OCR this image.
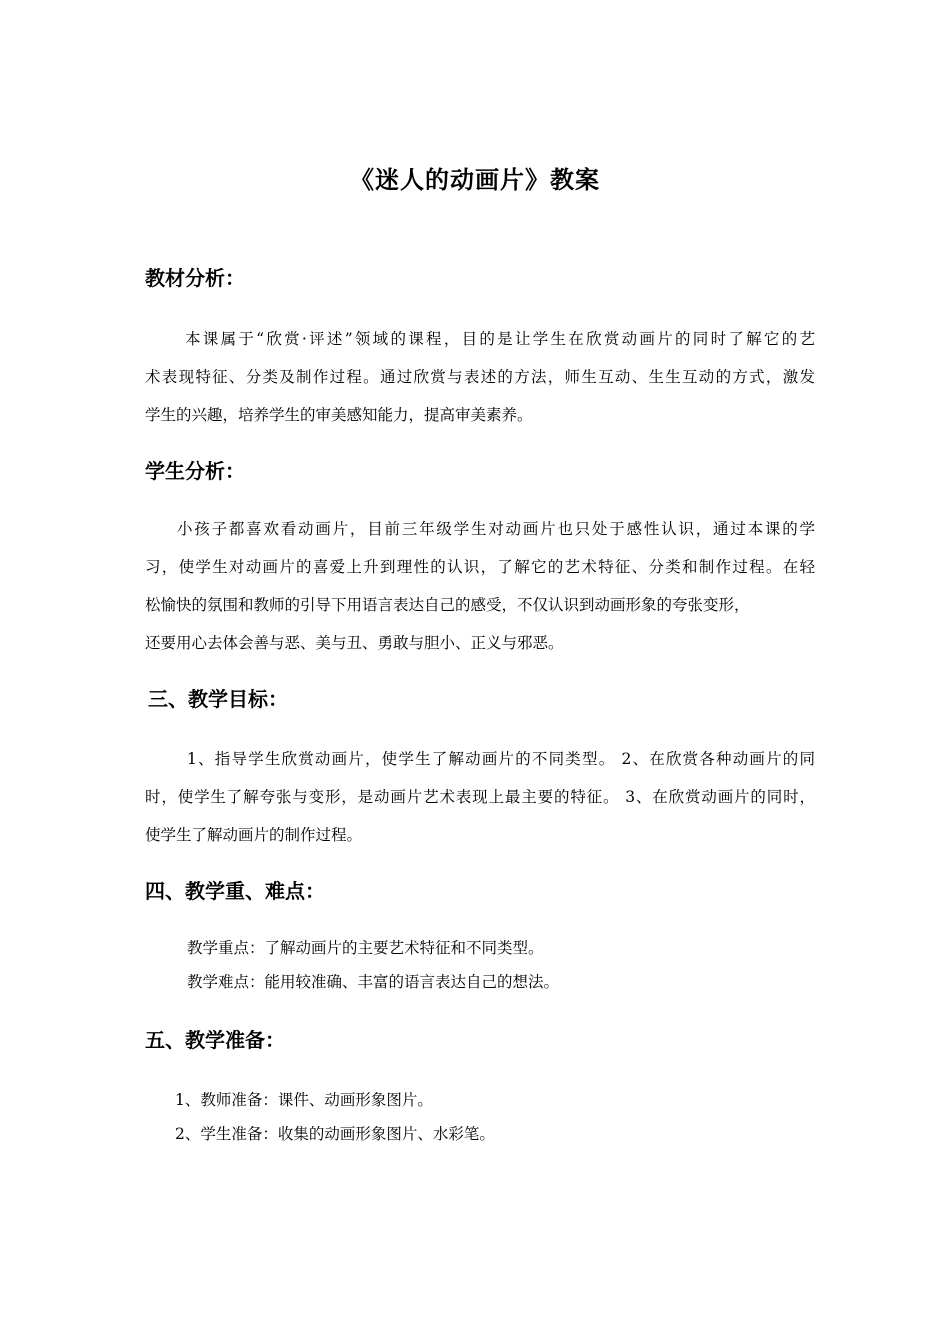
《迷人的动画片》教案
教材分析：
本课属于“欣赏·评述”领域的课程，目的是让学生在欣赏动画片的同时了解它的艺
术表现特征、分类及制作过程。通过欣赏与表述的方法，师生互动、生生互动的方式，激发
学生的兴趣，培养学生的审美感知能力，提高审美素养。
学生分析：
小孩子都喜欢看动画片，目前三年级学生对动画片也只处于感性认识，通过本课的学
习，使学生对动画片的喜爱上升到理性的认识，了解它的艺术特征、分类和制作过程。在轻
松愉快的氛围和教师的引导下用语言表达自己的感受，不仅认识到动画形象的夸张变形，
还要用心去体会善与恶、美与丑、勇敢与胆小、正义与邪恶。
三、教学目标：
1、指导学生欣赏动画片，使学生了解动画片的不同类型。 2、在欣赏各种动画片的同
时，使学生了解夸张与变形，是动画片艺术表现上最主要的特征。 3、在欣赏动画片的同时，
使学生了解动画片的制作过程。
四、教学重、难点：
教学重点：了解动画片的主要艺术特征和不同类型。
教学难点：能用较准确、丰富的语言表达自己的想法。
五、教学准备：
1、教师准备：课件、动画形象图片。
2、学生准备：收集的动画形象图片、水彩笔。
